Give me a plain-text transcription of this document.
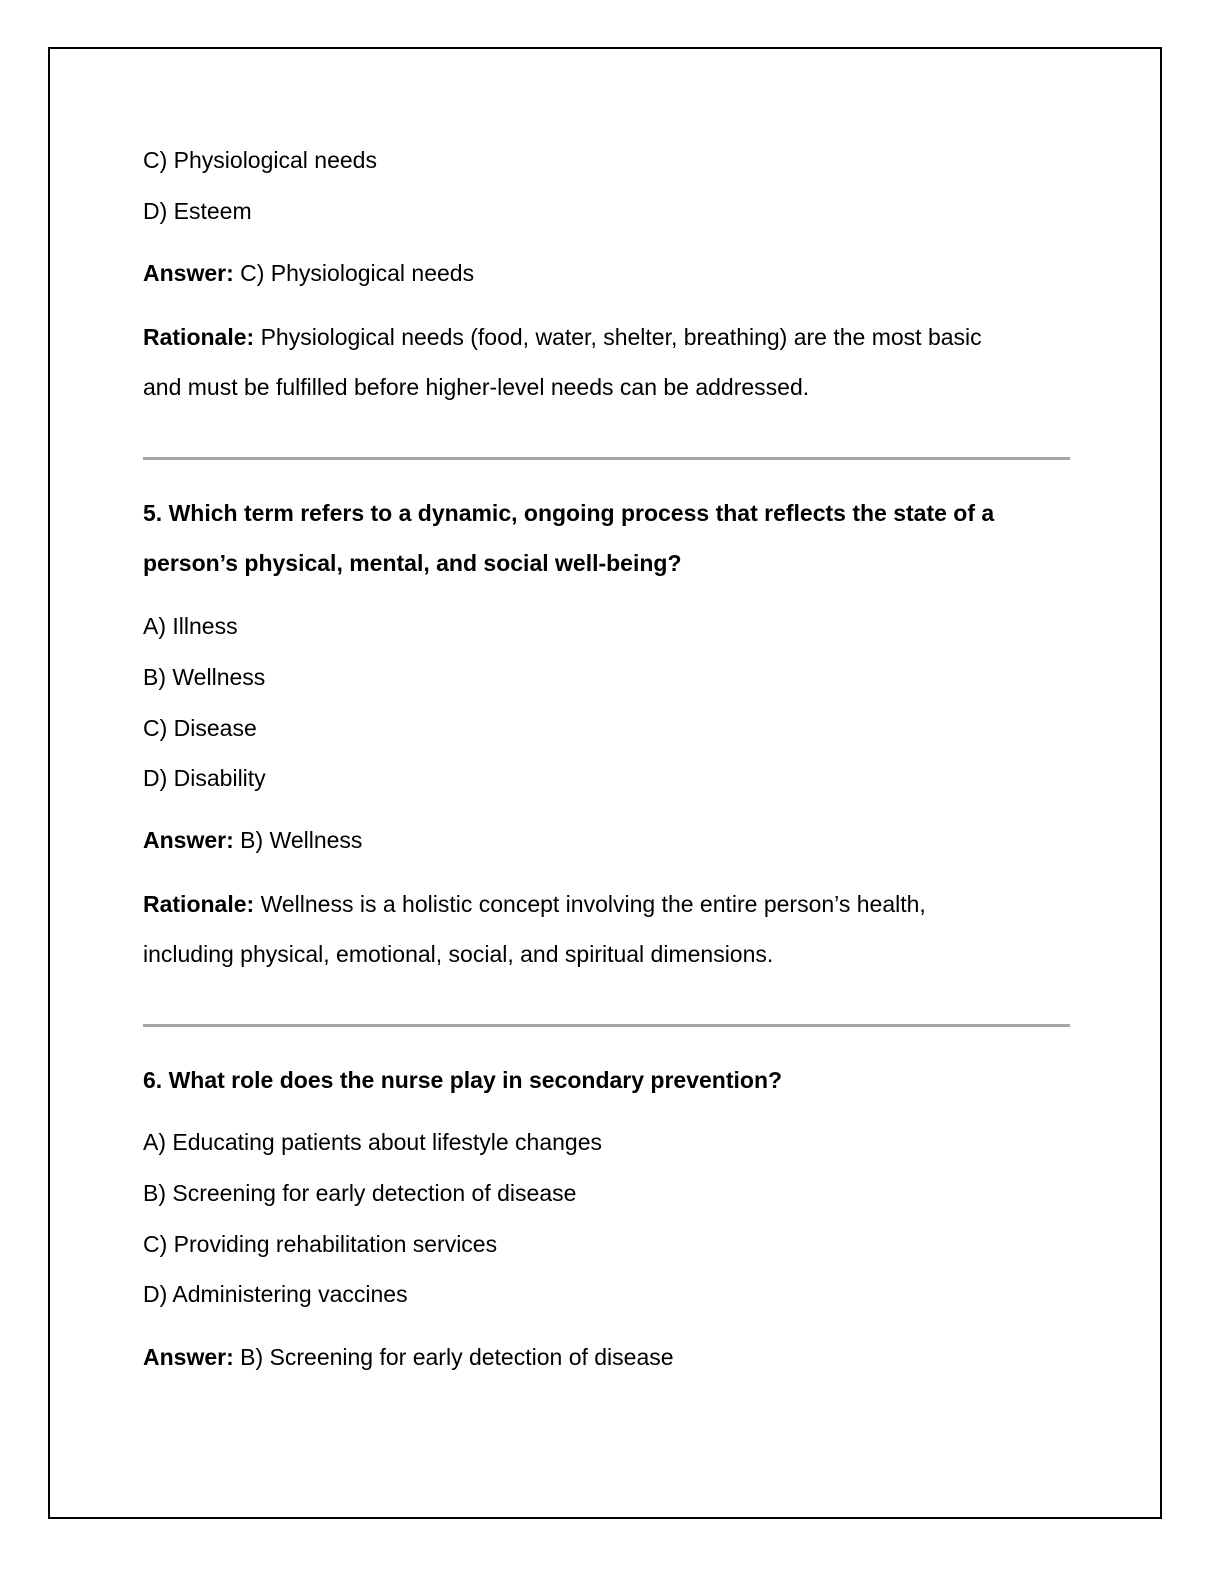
C) Physiological needs

D) Esteem

Answer: C) Physiological needs

Rationale: Physiological needs (food, water, shelter, breathing) are the most basic

and must be fulfilled before higher-level needs can be addressed.

5. Which term refers to a dynamic, ongoing process that reflects the state of a

person’s physical, mental, and social well-being?

A) Illness

B) Wellness

C) Disease

D) Disability

Answer: B) Wellness

Rationale: Wellness is a holistic concept involving the entire person’s health,

including physical, emotional, social, and spiritual dimensions.

6. What role does the nurse play in secondary prevention?

A) Educating patients about lifestyle changes

B) Screening for early detection of disease

C) Providing rehabilitation services

D) Administering vaccines

Answer: B) Screening for early detection of disease
